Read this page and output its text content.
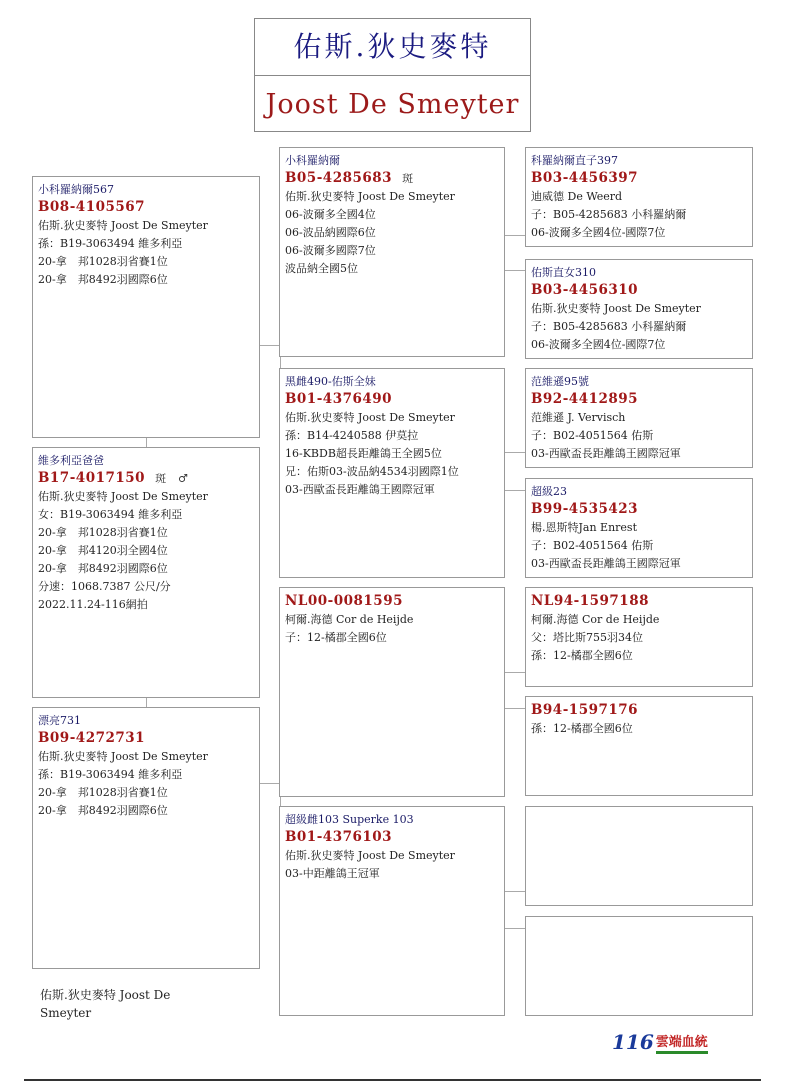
佑斯.狄史麥特
Joost De Smeyter
小科羅納爾567
B08-4105567
佑斯.狄史麥特 Joost De Smeyter
孫：B19-3063494 維多利亞
20-拿　邦1028羽省賽1位
20-拿　邦8492羽國際6位
維多利亞爸爸
B17-4017150 斑　♂
佑斯.狄史麥特 Joost De Smeyter
女：B19-3063494 維多利亞
20-拿　邦1028羽省賽1位
20-拿　邦4120羽全國4位
20-拿　邦8492羽國際6位
分速：1068.7387 公尺/分
2022.11.24-116網拍
漂亮731
B09-4272731
佑斯.狄史麥特 Joost De Smeyter
孫：B19-3063494 維多利亞
20-拿　邦1028羽省賽1位
20-拿　邦8492羽國際6位
小科羅納爾
B05-4285683 斑
佑斯.狄史麥特 Joost De Smeyter
06-波爾多全國4位
06-波品納國際6位
06-波爾多國際7位
波品納全國5位
黑雌490-佑斯全妹
B01-4376490
佑斯.狄史麥特 Joost De Smeyter
孫：B14-4240588 伊莫拉
16-KBDB超長距離鴿王全國5位
兄：佑斯03-波品納4534羽國際1位
03-西歐盃長距離鴿王國際冠軍
NL00-0081595
柯爾.海德 Cor de Heijde
子：12-橘郡全國6位
超級雌103 Superke 103
B01-4376103
佑斯.狄史麥特 Joost De Smeyter
03-中距離鴿王冠軍
科羅納爾直子397
B03-4456397
迪威德 De Weerd
子：B05-4285683 小科羅納爾
06-波爾多全國4位-國際7位
佑斯直女310
B03-4456310
佑斯.狄史麥特 Joost De Smeyter
子：B05-4285683 小科羅納爾
06-波爾多全國4位-國際7位
范維遜95號
B92-4412895
范維遜 J. Vervisch
子：B02-4051564 佑斯
03-西歐盃長距離鴿王國際冠軍
超級23
B99-4535423
楊.恩斯特Jan Enrest
子：B02-4051564 佑斯
03-西歐盃長距離鴿王國際冠軍
NL94-1597188
柯爾.海德 Cor de Heijde
父：塔比斯755羽34位
孫：12-橘郡全國6位
B94-1597176
孫：12-橘郡全國6位
佑斯.狄史麥特 Joost De
Smeyter
116 雲端血統
